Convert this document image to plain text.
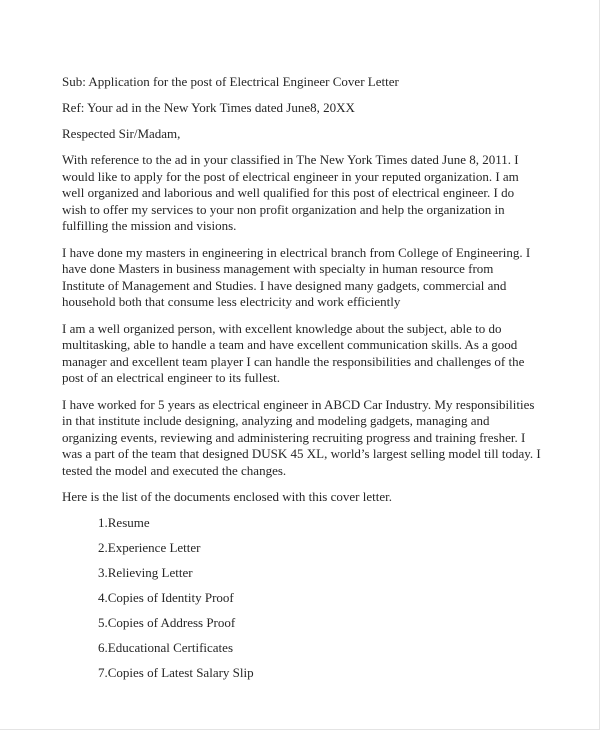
Sub: Application for the post of Electrical Engineer Cover Letter

Ref: Your ad in the New York Times dated June8, 20XX

Respected Sir/Madam,

With reference to the ad in your classified in The New York Times dated June 8, 2011. I
would like to apply for the post of electrical engineer in your reputed organization. I am
well organized and laborious and well qualified for this post of electrical engineer. I do
wish to offer my services to your non profit organization and help the organization in
fulfilling the mission and visions.
I have done my masters in engineering in electrical branch from College of Engineering. I
have done Masters in business management with specialty in human resource from
Institute of Management and Studies. I have designed many gadgets, commercial and
household both that consume less electricity and work efficiently
I am a well organized person, with excellent knowledge about the subject, able to do
multitasking, able to handle a team and have excellent communication skills. As a good
manager and excellent team player I can handle the responsibilities and challenges of the
post of an electrical engineer to its fullest.
I have worked for 5 years as electrical engineer in ABCD Car Industry. My responsibilities
in that institute include designing, analyzing and modeling gadgets, managing and
organizing events, reviewing and administering recruiting progress and training fresher. I
was a part of the team that designed DUSK 45 XL, world’s largest selling model till today. I
tested the model and executed the changes.

Here is the list of the documents enclosed with this cover letter.

1.Resume
2.Experience Letter
3.Relieving Letter
4.Copies of Identity Proof
5.Copies of Address Proof
6.Educational Certificates
7.Copies of Latest Salary Slip
